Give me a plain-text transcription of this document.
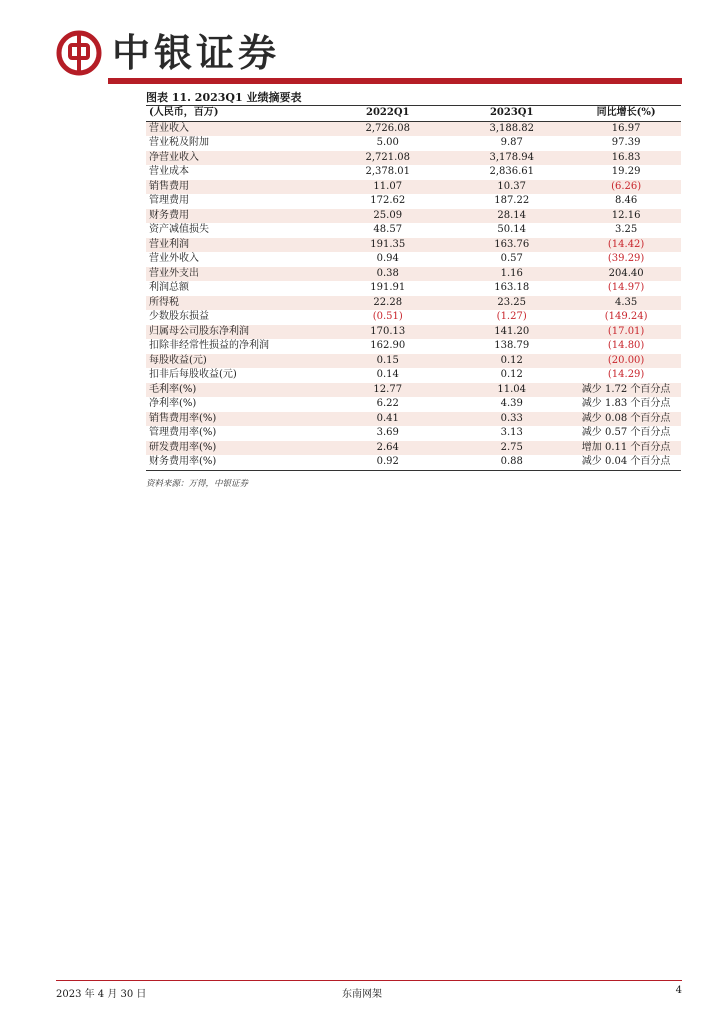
中银证券
图表 11. 2023Q1 业绩摘要表
(人民币，百万)	2022Q1	2023Q1	同比增长(%)
营业收入	2,726.08	3,188.82	16.97
营业税及附加	5.00	9.87	97.39
净营业收入	2,721.08	3,178.94	16.83
营业成本	2,378.01	2,836.61	19.29
销售费用	11.07	10.37	(6.26)
管理费用	172.62	187.22	8.46
财务费用	25.09	28.14	12.16
资产减值损失	48.57	50.14	3.25
营业利润	191.35	163.76	(14.42)
营业外收入	0.94	0.57	(39.29)
营业外支出	0.38	1.16	204.40
利润总额	191.91	163.18	(14.97)
所得税	22.28	23.25	4.35
少数股东损益	(0.51)	(1.27)	(149.24)
归属母公司股东净利润	170.13	141.20	(17.01)
扣除非经常性损益的净利润	162.90	138.79	(14.80)
每股收益(元)	0.15	0.12	(20.00)
扣非后每股收益(元)	0.14	0.12	(14.29)
毛利率(%)	12.77	11.04	减少 1.72 个百分点
净利率(%)	6.22	4.39	减少 1.83 个百分点
销售费用率(%)	0.41	0.33	减少 0.08 个百分点
管理费用率(%)	3.69	3.13	减少 0.57 个百分点
研发费用率(%)	2.64	2.75	增加 0.11 个百分点
财务费用率(%)	0.92	0.88	减少 0.04 个百分点
资料来源：万得，中银证券
2023 年 4 月 30 日	东南网架	4
